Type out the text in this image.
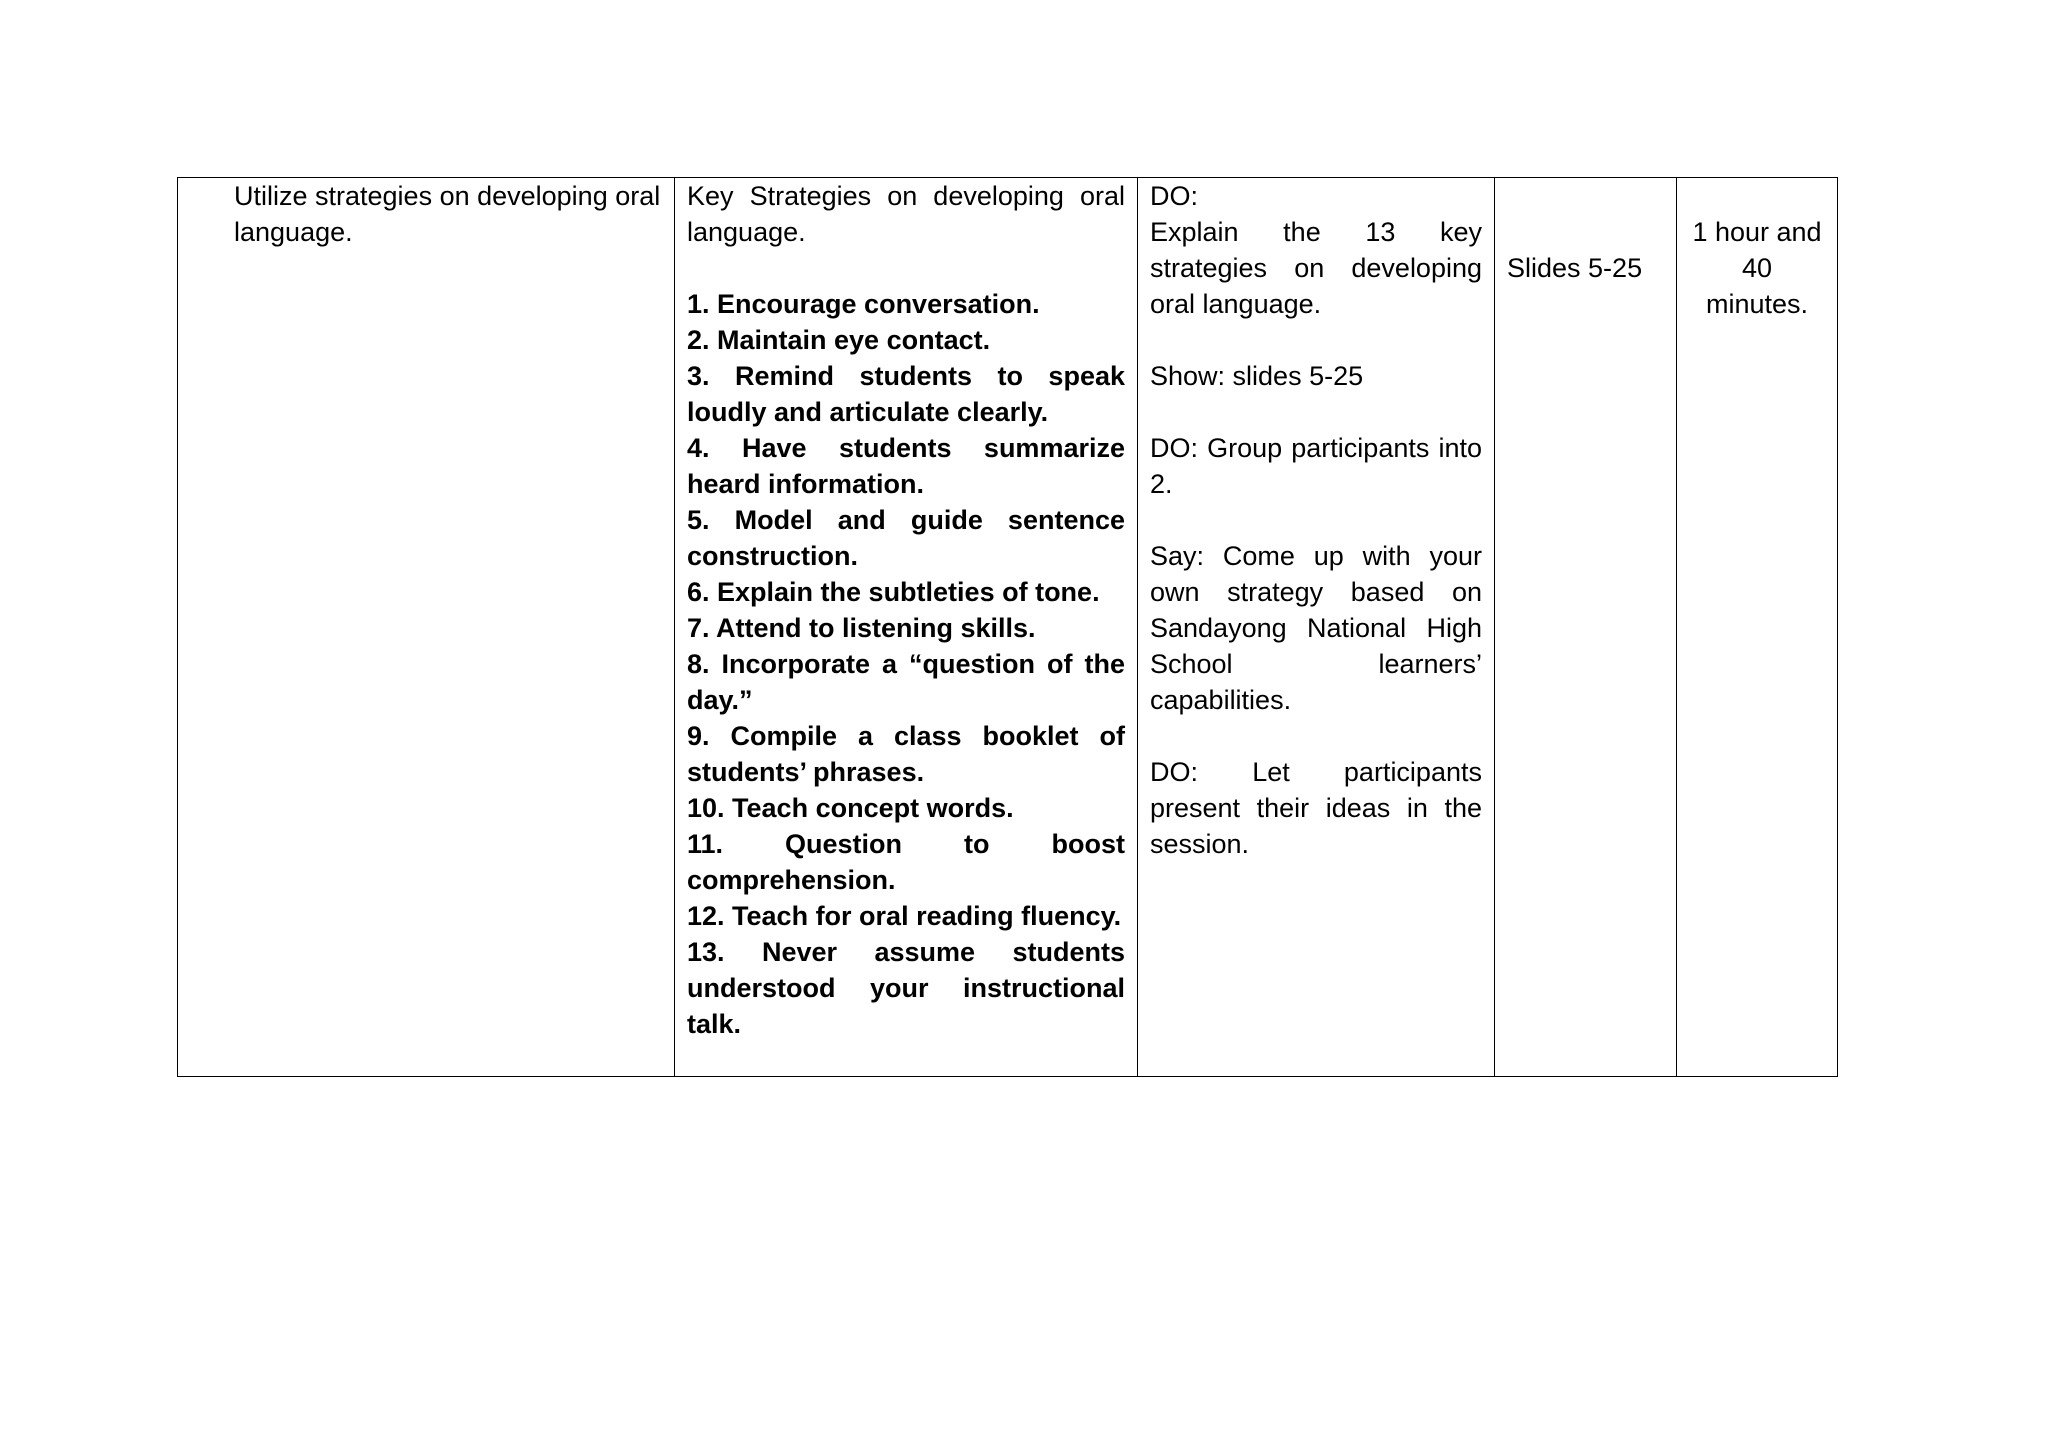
Utilize strategies on developing oral language.

Key Strategies on developing oral language.
1. Encourage conversation.
2. Maintain eye contact.
3. Remind students to speak loudly and articulate clearly.
4. Have students summarize heard information.
5. Model and guide sentence construction.
6. Explain the subtleties of tone.
7. Attend to listening skills.
8. Incorporate a “question of the day.”
9. Compile a class booklet of students’ phrases.
10. Teach concept words.
11. Question to boost comprehension.
12. Teach for oral reading fluency.
13. Never assume students understood your instructional talk.

DO:
Explain the 13 key strategies on developing oral language.
Show: slides 5-25
DO: Group participants into 2.
Say: Come up with your own strategy based on Sandayong National High School learners’ capabilities.
DO: Let participants present their ideas in the session.

Slides 5-25

1 hour and 40 minutes.
